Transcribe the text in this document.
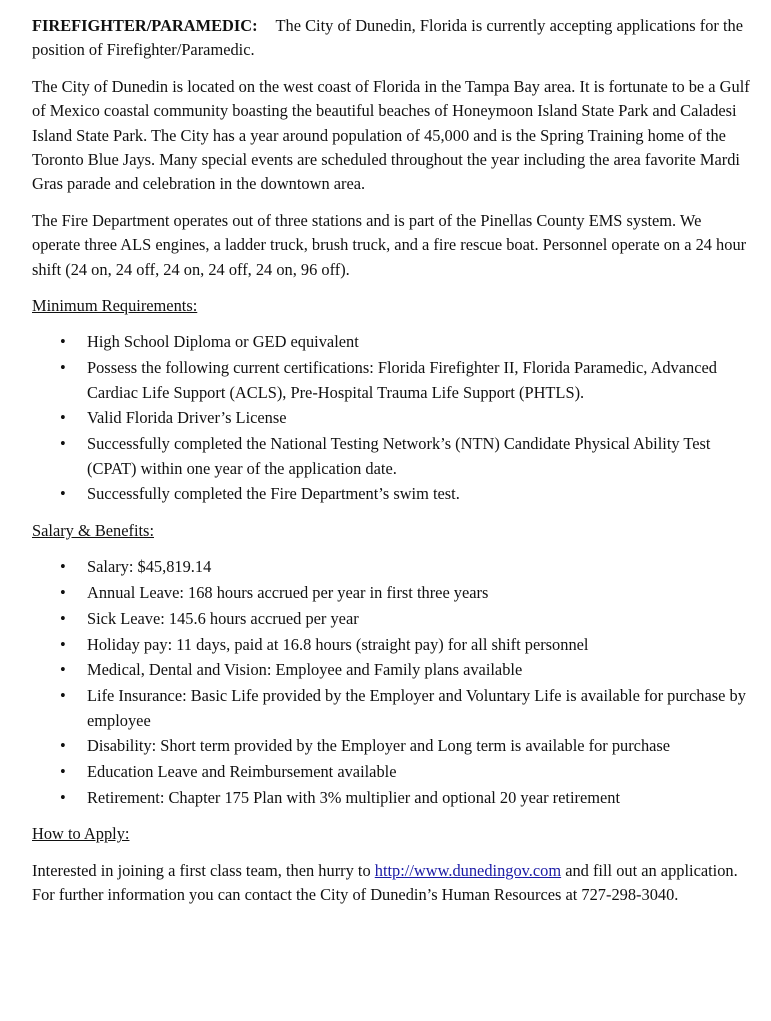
FIREFIGHTER/PARAMEDIC: The City of Dunedin, Florida is currently accepting applications for the position of Firefighter/Paramedic.

The City of Dunedin is located on the west coast of Florida in the Tampa Bay area. It is fortunate to be a Gulf of Mexico coastal community boasting the beautiful beaches of Honeymoon Island State Park and Caladesi Island State Park. The City has a year around population of 45,000 and is the Spring Training home of the Toronto Blue Jays. Many special events are scheduled throughout the year including the area favorite Mardi Gras parade and celebration in the downtown area.

The Fire Department operates out of three stations and is part of the Pinellas County EMS system. We operate three ALS engines, a ladder truck, brush truck, and a fire rescue boat. Personnel operate on a 24 hour shift (24 on, 24 off, 24 on, 24 off, 24 on, 96 off).

Minimum Requirements:
• High School Diploma or GED equivalent
• Possess the following current certifications: Florida Firefighter II, Florida Paramedic, Advanced Cardiac Life Support (ACLS), Pre-Hospital Trauma Life Support (PHTLS).
• Valid Florida Driver’s License
• Successfully completed the National Testing Network’s (NTN) Candidate Physical Ability Test (CPAT) within one year of the application date.
• Successfully completed the Fire Department’s swim test.
Salary & Benefits:
• Salary: $45,819.14
• Annual Leave: 168 hours accrued per year in first three years
• Sick Leave: 145.6 hours accrued per year
• Holiday pay: 11 days, paid at 16.8 hours (straight pay) for all shift personnel
• Medical, Dental and Vision: Employee and Family plans available
• Life Insurance: Basic Life provided by the Employer and Voluntary Life is available for purchase by employee
• Disability: Short term provided by the Employer and Long term is available for purchase
• Education Leave and Reimbursement available
• Retirement: Chapter 175 Plan with 3% multiplier and optional 20 year retirement
How to Apply:

Interested in joining a first class team, then hurry to http://www.dunedingov.com and fill out an application. For further information you can contact the City of Dunedin’s Human Resources at 727-298-3040.
